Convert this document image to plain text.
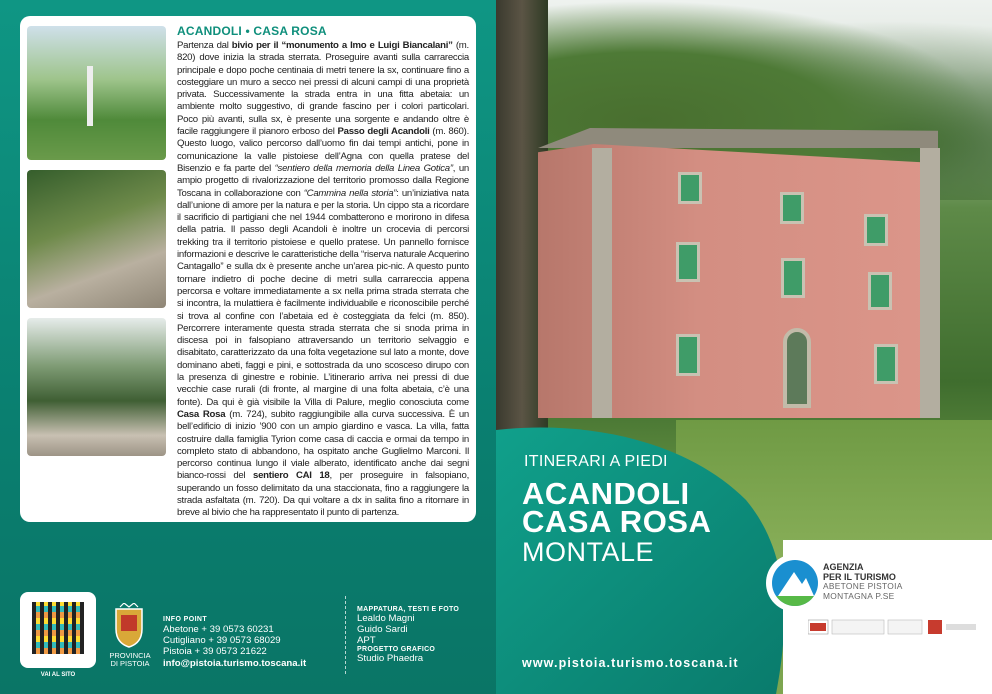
ACANDOLI • CASA ROSA
Partenza dal bivio per il “monumento a Imo e Luigi Biancalani” (m. 820) dove inizia la strada sterrata. Proseguire avanti sulla carrareccia principale e dopo poche centinaia di metri tenere la sx, continuare fino a costeggiare un muro a secco nei pressi di alcuni campi di una proprietà privata. Successivamente la strada entra in una fitta abetaia: un ambiente molto suggestivo, di grande fascino per i colori particolari. Poco più avanti, sulla sx, è presente una sorgente e andando oltre è facile raggiungere il pianoro erboso del Passo degli Acandoli (m. 860). Questo luogo, valico percorso dall’uomo fin dai tempi antichi, pone in comunicazione la valle pistoiese dell’Agna con quella pratese del Bisenzio e fa parte del “sentiero della memoria della Linea Gotica”, un ampio progetto di rivalorizzazione del territorio promosso dalla Regione Toscana in collaborazione con “Cammina nella storia”: un’iniziativa nata dall’unione di amore per la natura e per la storia. Un cippo sta a ricordare il sacrificio di partigiani che nel 1944 combatterono e morirono in difesa della patria. Il passo degli Acandoli è inoltre un crocevia di percorsi trekking tra il territorio pistoiese e quello pratese. Un pannello fornisce informazioni e descrive le caratteristiche della “riserva naturale Acquerino Cantagallo” e sulla dx è presente anche un’area pic-nic. A questo punto tornare indietro di poche decine di metri sulla carrareccia appena percorsa e voltare immediatamente a sx nella prima strada sterrata che si incontra, la mulattiera è facilmente individuabile e riconoscibile perché si trova al confine con l’abetaia ed è costeggiata da felci (m. 850). Percorrere interamente questa strada sterrata che si snoda prima in discesa poi in falsopiano attraversando un territorio selvaggio e disabitato, caratterizzato da una folta vegetazione sul lato a monte, dove dominano abeti, faggi e pini, e sottostrada da uno scosceso dirupo con la presenza di ginestre e robinie. L’itinerario arriva nei pressi di due vecchie case rurali (di fronte, al margine di una folta abetaia, c’è una fonte). Da qui è già visibile la Villa di Palure, meglio conosciuta come Casa Rosa (m. 724), subito raggiungibile alla curva successiva. È un bell’edificio di inizio ’900 con un ampio giardino e vasca. La villa, fatta costruire dalla famiglia Tyrion come casa di caccia e ormai da tempo in completo stato di abbandono, ha ospitato anche Guglielmo Marconi. Il percorso continua lungo il viale alberato, identificato anche dai segni bianco-rossi del sentiero CAI 18, per proseguire in falsopiano, superando un fosso delimitato da una staccionata, fino a raggiungere la strada asfaltata (m. 720). Da qui voltare a dx in salita fino a ritornare in breve al bivio che ha rappresentato il punto di partenza.
VAI AL SITO
PROVINCIA
DI PISTOIA
INFO POINT
Abetone + 39 0573 60231
Cutigliano + 39 0573 68029
Pistoia + 39 0573 21622
info@pistoia.turismo.toscana.it
MAPPATURA, TESTI E FOTO
Lealdo Magni
Guido Sardi
APT
PROGETTO GRAFICO
Studio Phaedra
ITINERARI A PIEDI
ACANDOLI
CASA ROSA
MONTALE
www.pistoia.turismo.toscana.it
AGENZIA
PER IL TURISMO
ABETONE PISTOIA
MONTAGNA P.SE
